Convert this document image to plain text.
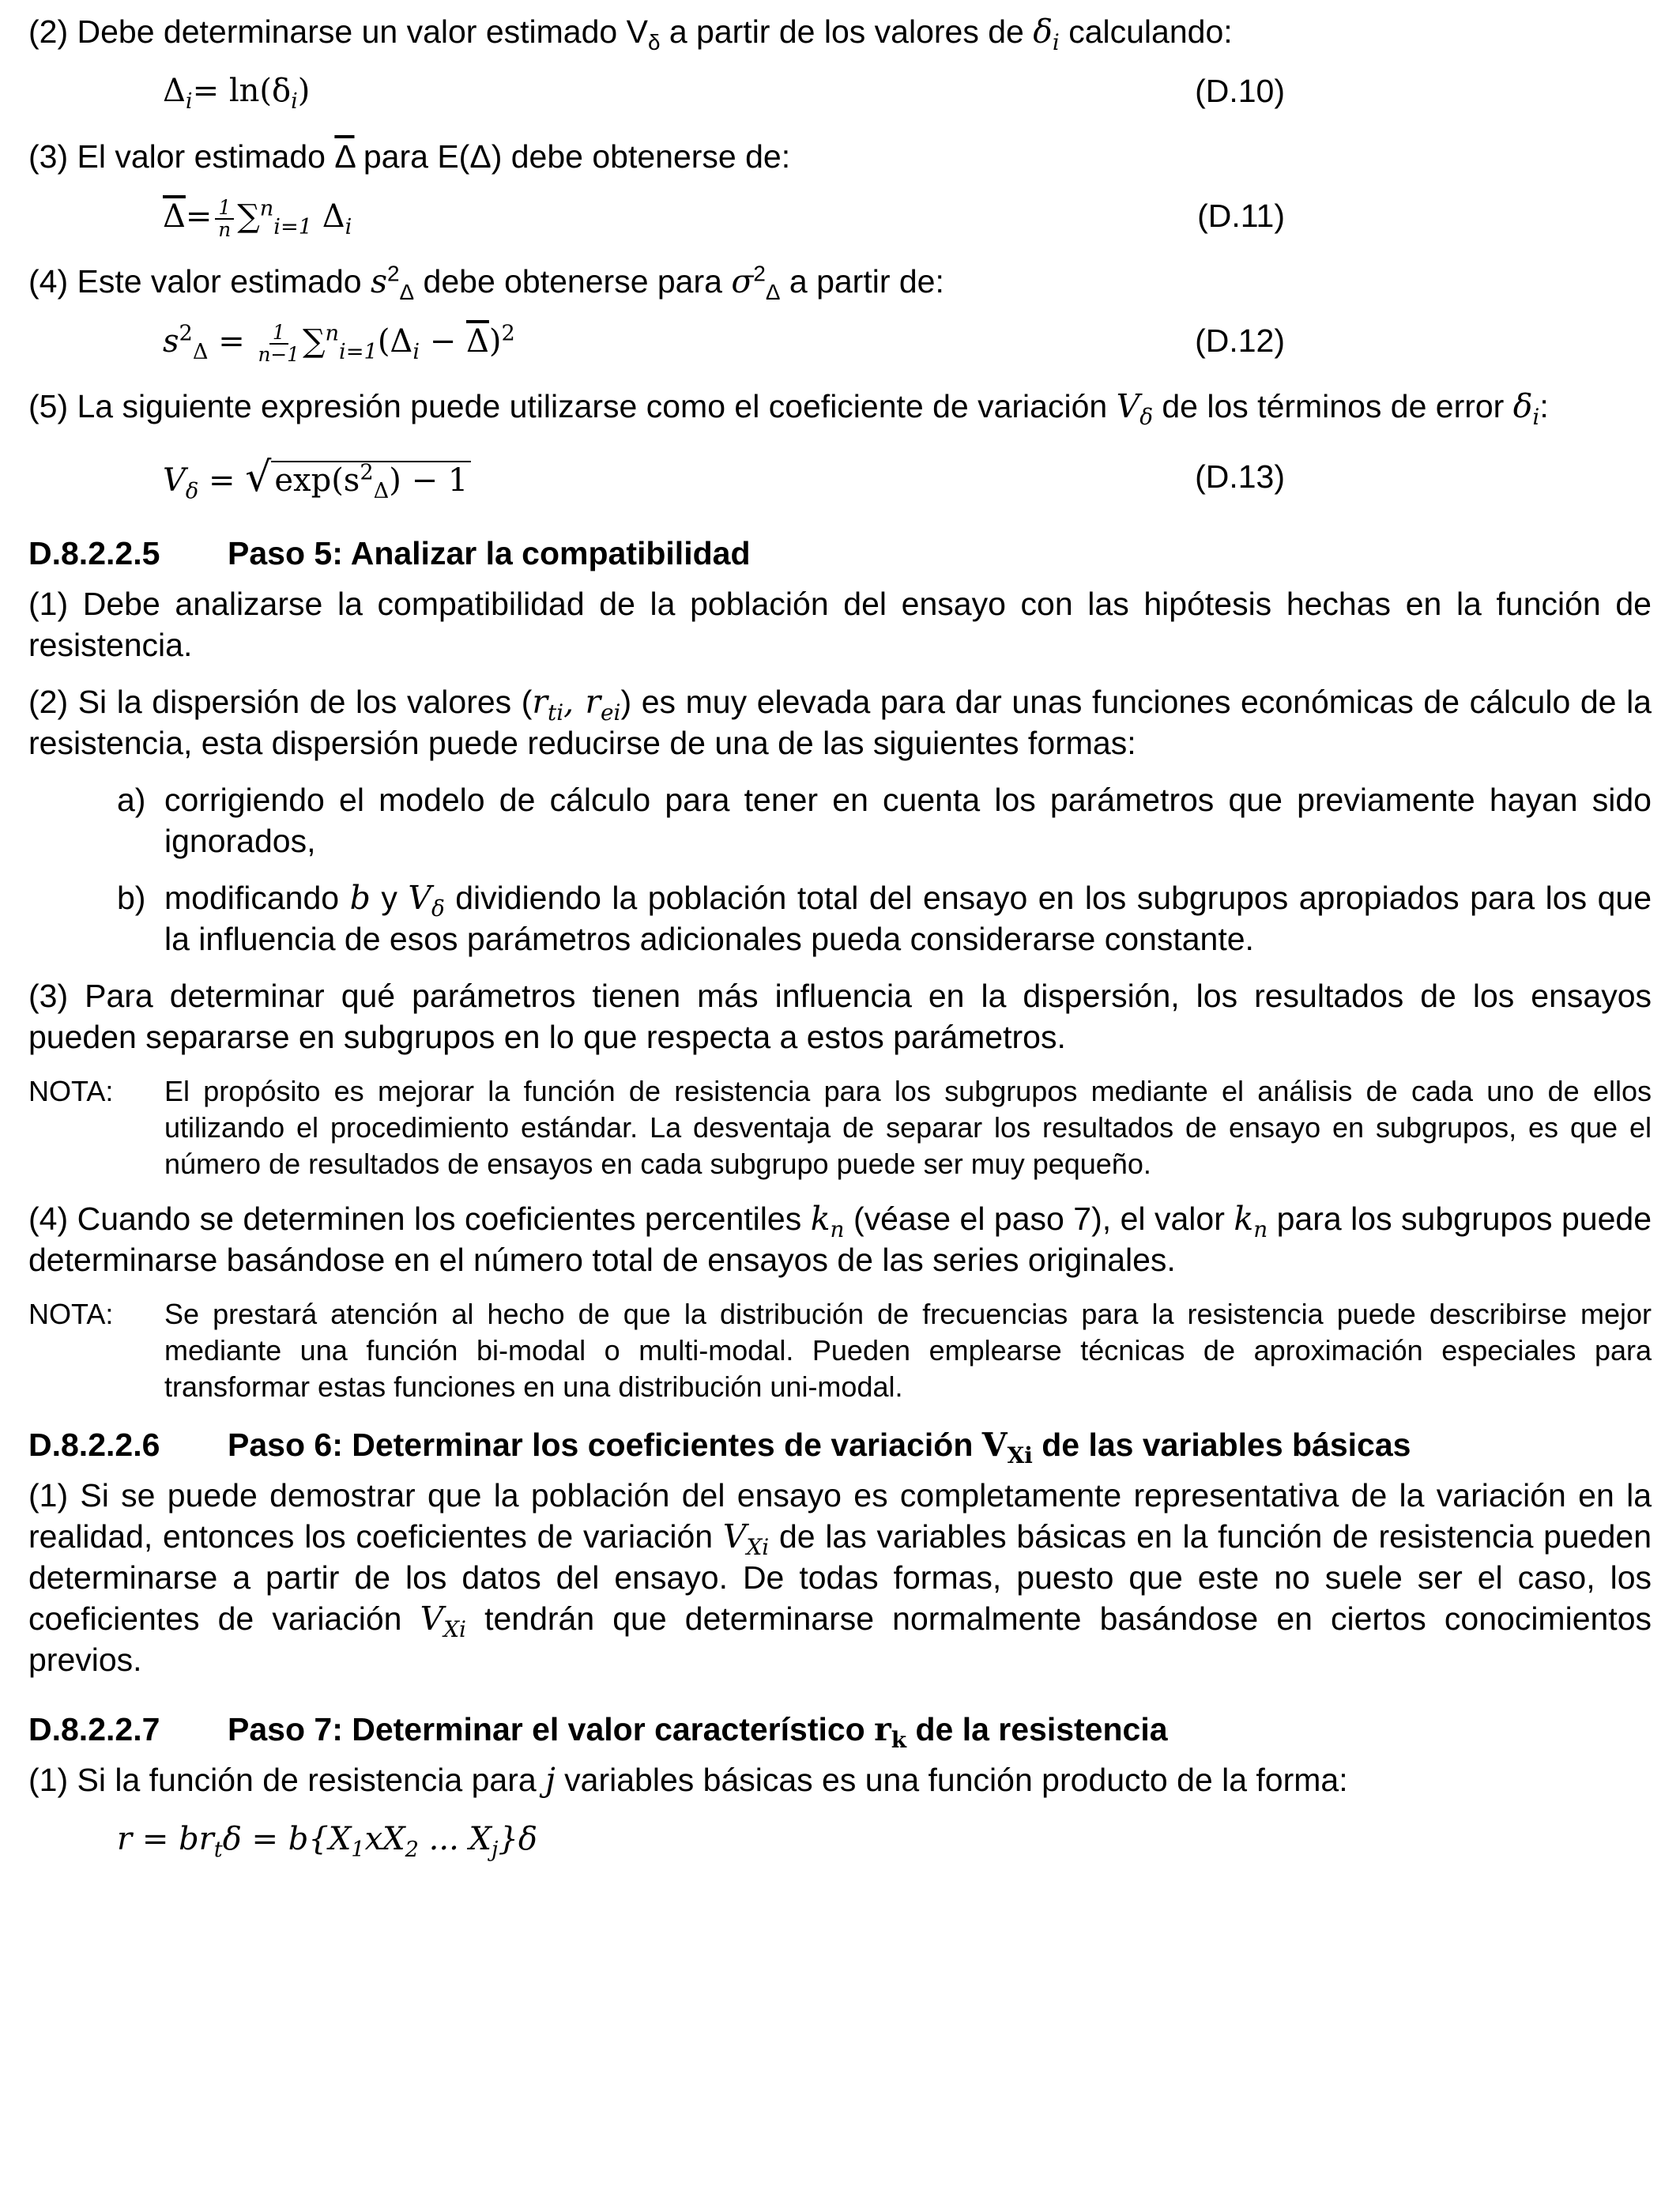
(2) Debe determinarse un valor estimado $V_\delta$ a partir de los valores de $\delta_i$ calculando:

$\Delta_i= \ln(\delta_i)$	(D.10)

(3) El valor estimado $\overline{\Delta}$ para E(Δ) debe obtenerse de:

$\overline{\Delta}= \frac{1}{n} \sum^n_{i=1}$ $\Delta_i$	(D.11)

(4) Este valor estimado $s^2_\Delta$ debe obtenerse para $\sigma^2_\Delta$ a partir de:

$s^2_\Delta = \frac{1}{n-1} \sum^n_{i=1}(\Delta_i - \overline{\Delta})^2$	(D.12)

(5) La siguiente expresión puede utilizarse como el coeficiente de variación $V_\delta$ de los términos de error $\delta_i$:

$V_\delta$ = √ $\exp(s^2_\Delta) - 1$	(D.13)
D.8.2.2.5 Paso 5: Analizar la compatibilidad

(1) Debe analizarse la compatibilidad de la población del ensayo con las hipótesis hechas en la función de resistencia.

(2) Si la dispersión de los valores ($r_{ti}$, $r_{ei}$) es muy elevada para dar unas funciones económicas de cálculo de la resistencia, esta dispersión puede reducirse de una de las siguientes formas:

a) corrigiendo el modelo de cálculo para tener en cuenta los parámetros que previamente hayan sido ignorados,
b) modificando b y $V_\delta$ dividiendo la población total del ensayo en los subgrupos apropiados para los que la influencia de esos parámetros adicionales pueda considerarse constante.

(3) Para determinar qué parámetros tienen más influencia en la dispersión, los resultados de los ensayos pueden separarse en subgrupos en lo que respecta a estos parámetros.

NOTA: El propósito es mejorar la función de resistencia para los subgrupos mediante el análisis de cada uno de ellos utilizando el procedimiento estándar. La desventaja de separar los resultados de ensayo en subgrupos, es que el número de resultados de ensayos en cada subgrupo puede ser muy pequeño.

(4) Cuando se determinen los coeficientes percentiles $k_n$ (véase el paso 7), el valor $k_n$ para los subgrupos puede determinarse basándose en el número total de ensayos de las series originales.

NOTA: Se prestará atención al hecho de que la distribución de frecuencias para la resistencia puede describirse mejor mediante una función bi-modal o multi-modal. Pueden emplearse técnicas de aproximación especiales para transformar estas funciones en una distribución uni-modal.
D.8.2.2.6 Paso 6: Determinar los coeficientes de variación $V_{Xi}$ de las variables básicas

(1) Si se puede demostrar que la población del ensayo es completamente representativa de la variación en la realidad, entonces los coeficientes de variación $V_{Xi}$ de las variables básicas en la función de resistencia pueden determinarse a partir de los datos del ensayo. De todas formas, puesto que este no suele ser el caso, los coeficientes de variación $V_{Xi}$ tendrán que determinarse normalmente basándose en ciertos conocimientos previos.

D.8.2.2.7 Paso 7: Determinar el valor característico $r_k$ de la resistencia

(1) Si la función de resistencia para j variables básicas es una función producto de la forma:

$r = br_t\delta = b\{X_1xX_2$ ... $X_j\}\delta$
